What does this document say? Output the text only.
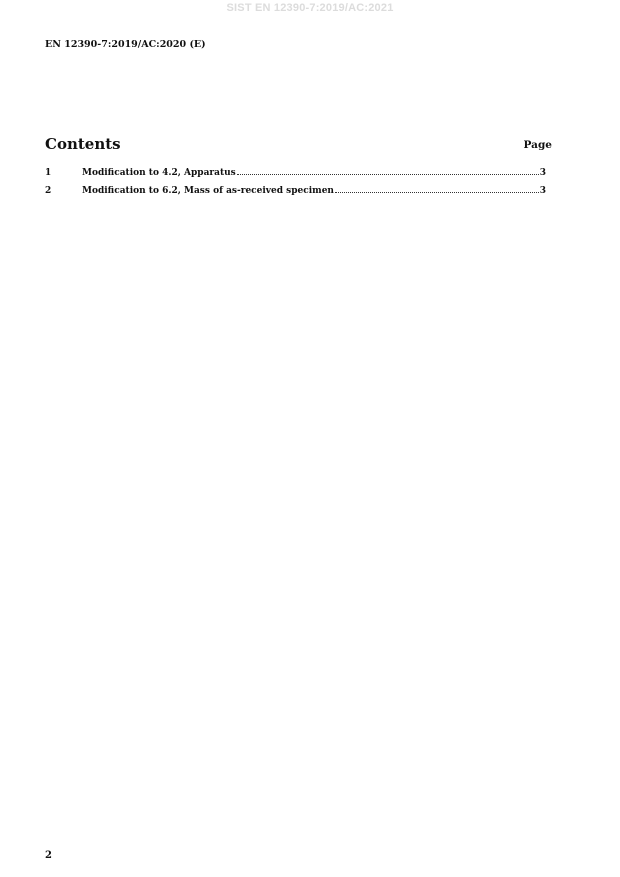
SIST EN 12390-7:2019/AC:2021
EN 12390-7:2019/AC:2020 (E)
Contents	Page
1	Modification to 4.2, Apparatus	3
2	Modification to 6.2, Mass of as-received specimen	3
2
